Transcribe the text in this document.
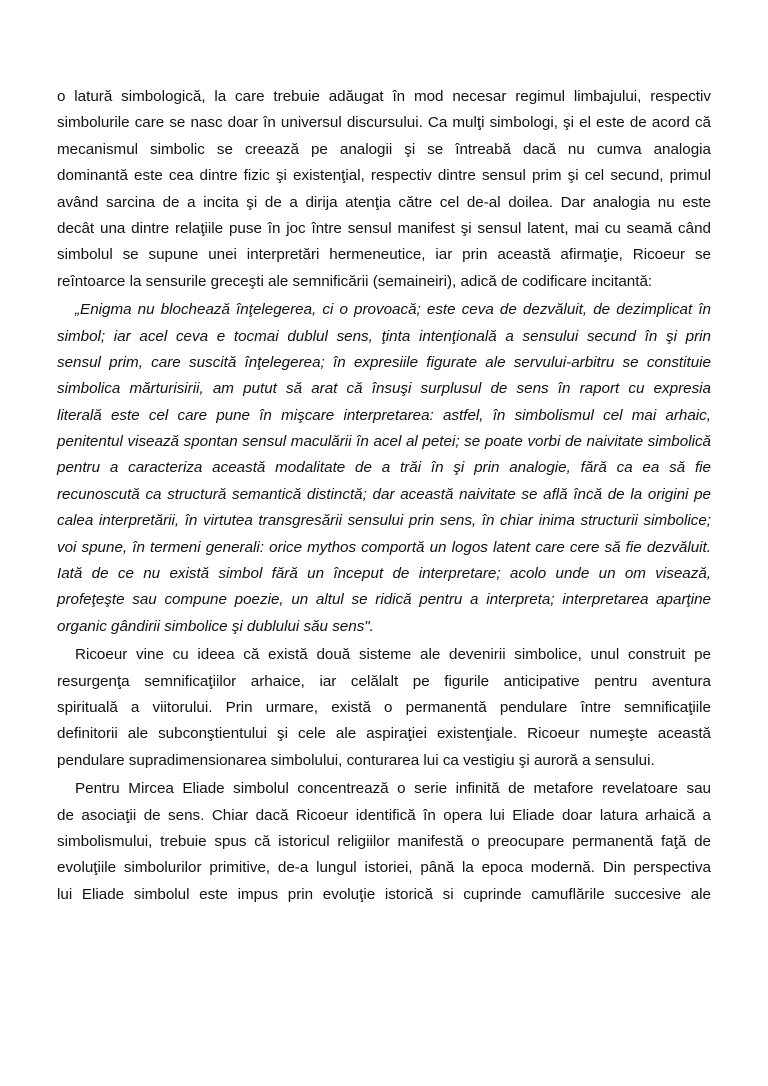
o latură simbologică, la care trebuie adăugat în mod necesar regimul limbajului, respectiv
simbolurile care se nasc doar în universul discursului. Ca mulţi simbologi, şi el este de acord că
mecanismul simbolic se creează pe analogii şi se întreabă dacă nu cumva analogia
dominantă este cea dintre fizic şi existenţial, respectiv dintre sensul prim şi cel secund, primul
având sarcina de a incita şi de a dirija atenţia către cel de-al doilea. Dar analogia nu este
decât una dintre relaţiile puse în joc între sensul manifest şi sensul latent, mai cu seamă când
simbolul se supune unei interpretări hermeneutice, iar prin această afirmaţie, Ricoeur se
reîntoarce la sensurile greceşti ale semnificării (semaineiri), adică de codificare incitantă:
„Enigma nu blochează înţelegerea, ci o provoacă; este ceva de dezvăluit, de dezimplicat în
simbol; iar acel ceva e tocmai dublul sens, ţinta intenţională a sensului secund în şi prin
sensul prim, care suscită înţelegerea; în expresiile figurate ale servului-arbitru se constituie
simbolica mărturisirii, am putut să arat că însuşi surplusul de sens în raport cu expresia
literală este cel care pune în mişcare interpretarea: astfel, în simbolismul cel mai arhaic,
penitentul visează spontan sensul maculării în acel al petei; se poate vorbi de naivitate simbolică
pentru a caracteriza această modalitate de a trăi în şi prin analogie, fără ca ea să fie
recunoscută ca structură semantică distinctă; dar această naivitate se află încă de la origini pe
calea interpretării, în virtutea transgresării sensului prin sens, în chiar inima structurii simbolice;
voi spune, în termeni generali: orice mythos comportă un logos latent care cere să fie dezvăluit.
Iată de ce nu există simbol fără un început de interpretare; acolo unde un om visează,
profeţeşte sau compune poezie, un altul se ridică pentru a interpreta; interpretarea aparţine
organic gândirii simbolice şi dublului său sens".
Ricoeur vine cu ideea că există două sisteme ale devenirii simbolice, unul construit pe
resurgenţa semnificaţiilor arhaice, iar celălalt pe figurile anticipative pentru aventura
spirituală a viitorului. Prin urmare, există o permanentă pendulare între semnificaţiile
definitorii ale subconştientului şi cele ale aspiraţiei existenţiale. Ricoeur numeşte această
pendulare supradimensionarea simbolului, conturarea lui ca vestigiu şi auroră a sensului.
Pentru Mircea Eliade simbolul concentrează o serie infinită de metafore revelatoare sau
de asociaţii de sens. Chiar dacă Ricoeur identifică în opera lui Eliade doar latura arhaică a
simbolismului, trebuie spus că istoricul religiilor manifestă o preocupare permanentă faţă de
evoluţiile simbolurilor primitive, de-a lungul istoriei, până la epoca modernă. Din perspectiva
lui Eliade simbolul este impus prin evoluţie istorică si cuprinde camuflările succesive ale
